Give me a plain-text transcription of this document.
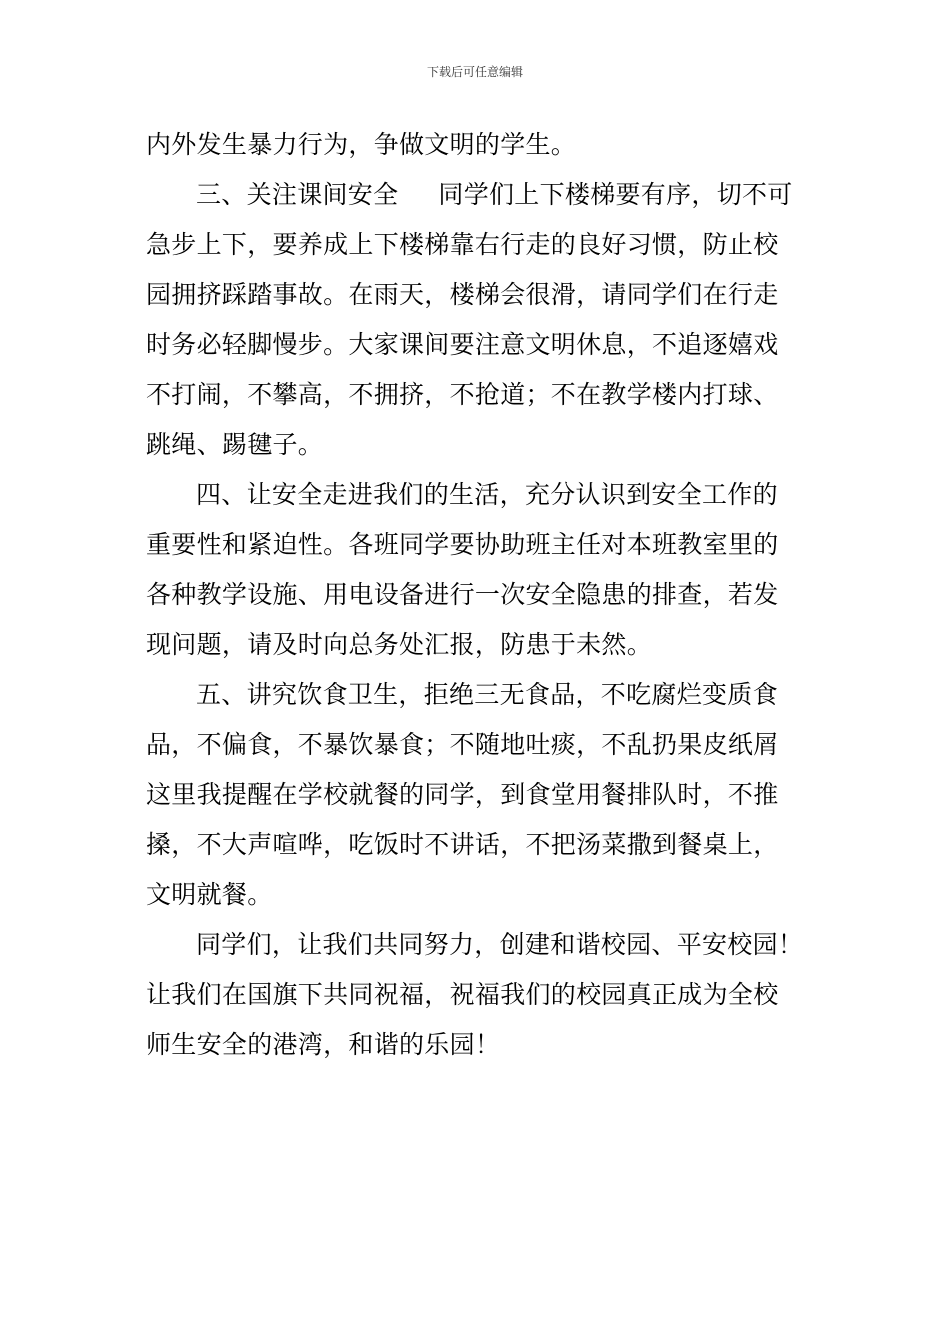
下载后可任意编辑
内外发生暴力行为，争做文明的学生。
三、关注课间安全 同学们上下楼梯要有序，切不可
急步上下，要养成上下楼梯靠右行走的良好习惯，防止校
园拥挤踩踏事故。在雨天，楼梯会很滑，请同学们在行走
时务必轻脚慢步。大家课间要注意文明休息，不追逐嬉戏
不打闹，不攀高，不拥挤，不抢道；不在教学楼内打球、
跳绳、踢毽子。
四、让安全走进我们的生活，充分认识到安全工作的
重要性和紧迫性。各班同学要协助班主任对本班教室里的
各种教学设施、用电设备进行一次安全隐患的排查，若发
现问题，请及时向总务处汇报，防患于未然。
五、讲究饮食卫生，拒绝三无食品，不吃腐烂变质食
品，不偏食，不暴饮暴食；不随地吐痰，不乱扔果皮纸屑
这里我提醒在学校就餐的同学，到食堂用餐排队时，不推
搡，不大声喧哗，吃饭时不讲话，不把汤菜撒到餐桌上，
文明就餐。
同学们，让我们共同努力，创建和谐校园、平安校园！
让我们在国旗下共同祝福，祝福我们的校园真正成为全校
师生安全的港湾，和谐的乐园！
